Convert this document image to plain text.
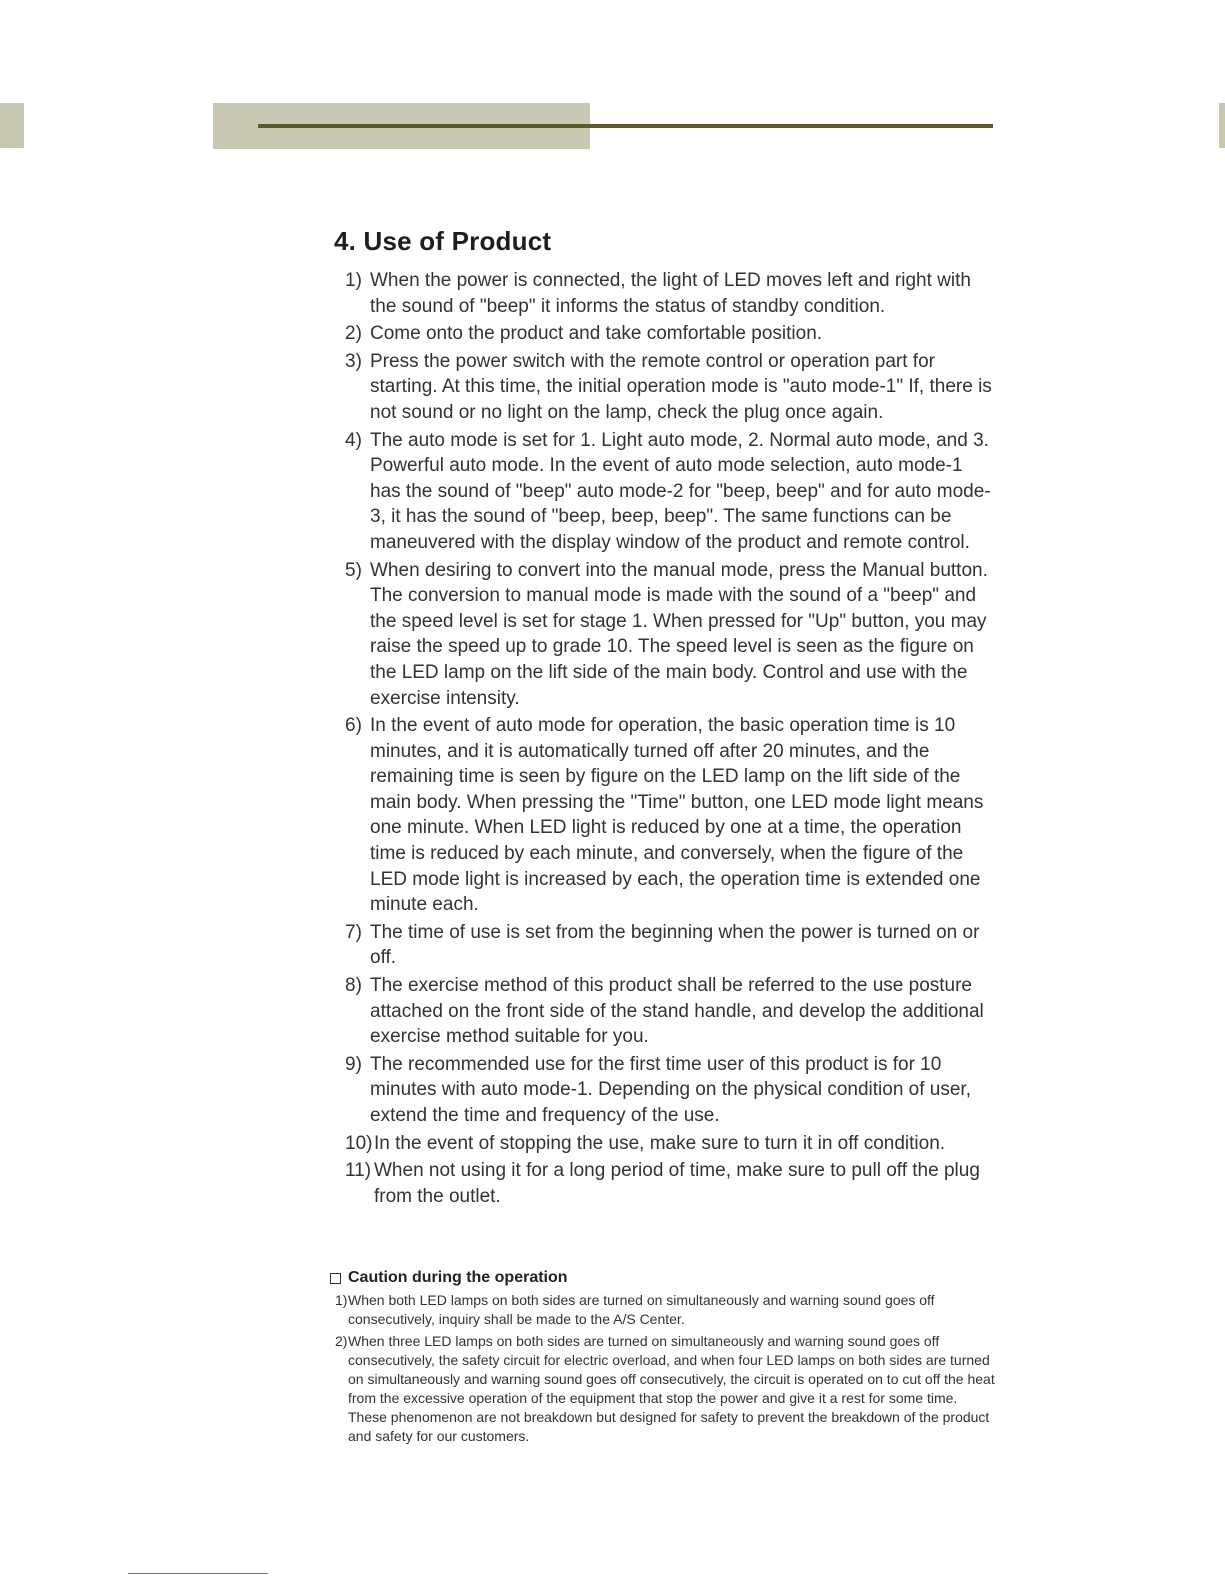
4. Use of Product
1) When the power is connected, the light of LED moves left and right with the sound of "beep" it informs the status of standby condition.
2) Come onto the product and take comfortable position.
3) Press the power switch with the remote control or operation part for starting. At this time, the initial operation mode is "auto mode-1" If, there is not sound or no light on the lamp, check the plug once again.
4) The auto mode is set for 1. Light auto mode, 2. Normal auto mode, and 3. Powerful auto mode. In the event of auto mode selection, auto mode-1 has the sound of "beep" auto mode-2 for "beep, beep" and for auto mode-3, it has the sound of "beep, beep, beep". The same functions can be maneuvered with the display window of the product and remote control.
5) When desiring to convert into the manual mode, press the Manual button. The conversion to manual mode is made with the sound of a "beep" and the speed level is set for stage 1. When pressed for "Up" button, you may raise the speed up to grade 10. The speed level is seen as the figure on the LED lamp on the lift side of the main body. Control and use with the exercise intensity.
6) In the event of auto mode for operation, the basic operation time is 10 minutes, and it is automatically turned off after 20 minutes, and the remaining time is seen by figure on the LED lamp on the lift side of the main body. When pressing the "Time" button, one LED mode light means one minute. When LED light is reduced by one at a time, the operation time is reduced by each minute, and conversely, when the figure of the LED mode light is increased by each, the operation time is extended one minute each.
7) The time of use is set from the beginning when the power is turned on or off.
8) The exercise method of this product shall be referred to the use posture attached on the front side of the stand handle, and develop the additional exercise method suitable for you.
9) The recommended use for the first time user of this product is for 10 minutes with auto mode-1. Depending on the physical condition of user, extend the time and frequency of the use.
10) In the event of stopping the use, make sure to turn it in off condition.
11) When not using it for a long period of time, make sure to pull off the plug from the outlet.
Caution during the operation
1) When both LED lamps on both sides are turned on simultaneously and warning sound goes off consecutively, inquiry shall be made to the A/S Center.
2) When three LED lamps on both sides are turned on simultaneously and warning sound goes off consecutively, the safety circuit for electric overload, and when four LED lamps on both sides are turned on simultaneously and warning sound goes off consecutively, the circuit is operated on to cut off the heat from the excessive operation of the equipment that stop the power and give it a rest for some time. These phenomenon are not breakdown but designed for safety to prevent the breakdown of the product and safety for our customers.
